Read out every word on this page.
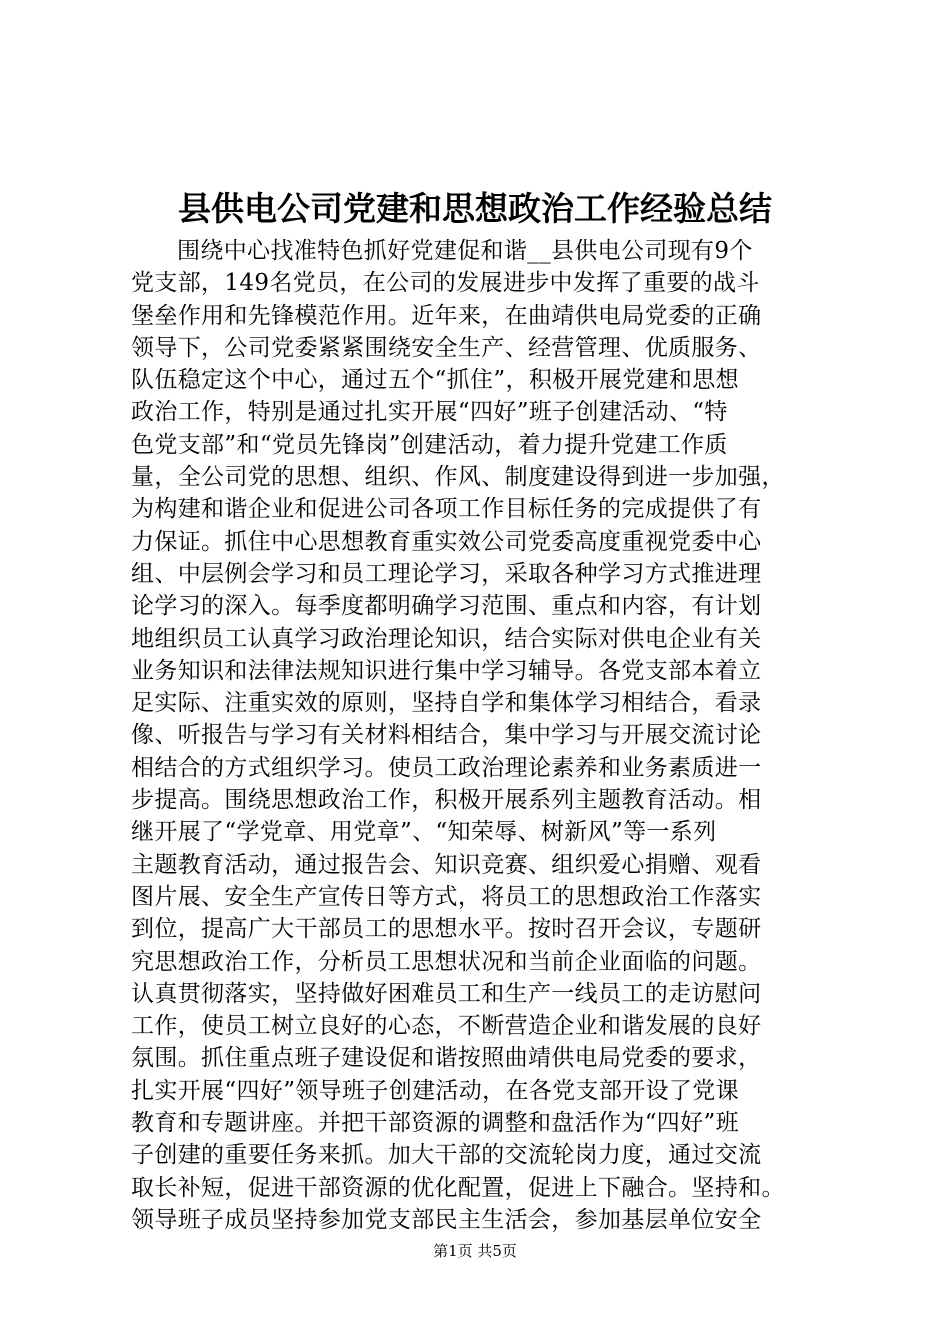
县供电公司党建和思想政治工作经验总结
围绕中心找准特色抓好党建促和谐__县供电公司现有9个
党支部，149名党员，在公司的发展进步中发挥了重要的战斗
堡垒作用和先锋模范作用。近年来，在曲靖供电局党委的正确
领导下，公司党委紧紧围绕安全生产、经营管理、优质服务、
队伍稳定这个中心，通过五个“抓住”，积极开展党建和思想
政治工作，特别是通过扎实开展“四好”班子创建活动、“特
色党支部”和“党员先锋岗”创建活动，着力提升党建工作质
量，全公司党的思想、组织、作风、制度建设得到进一步加强，
为构建和谐企业和促进公司各项工作目标任务的完成提供了有
力保证。抓住中心思想教育重实效公司党委高度重视党委中心
组、中层例会学习和员工理论学习，采取各种学习方式推进理
论学习的深入。每季度都明确学习范围、重点和内容，有计划
地组织员工认真学习政治理论知识，结合实际对供电企业有关
业务知识和法律法规知识进行集中学习辅导。各党支部本着立
足实际、注重实效的原则，坚持自学和集体学习相结合，看录
像、听报告与学习有关材料相结合，集中学习与开展交流讨论
相结合的方式组织学习。使员工政治理论素养和业务素质进一
步提高。围绕思想政治工作，积极开展系列主题教育活动。相
继开展了“学党章、用党章”、“知荣辱、树新风”等一系列
主题教育活动，通过报告会、知识竞赛、组织爱心捐赠、观看
图片展、安全生产宣传日等方式，将员工的思想政治工作落实
到位，提高广大干部员工的思想水平。按时召开会议，专题研
究思想政治工作，分析员工思想状况和当前企业面临的问题。
认真贯彻落实，坚持做好困难员工和生产一线员工的走访慰问
工作，使员工树立良好的心态，不断营造企业和谐发展的良好
氛围。抓住重点班子建设促和谐按照曲靖供电局党委的要求，
扎实开展“四好”领导班子创建活动，在各党支部开设了党课
教育和专题讲座。并把干部资源的调整和盘活作为“四好”班
子创建的重要任务来抓。加大干部的交流轮岗力度，通过交流
取长补短，促进干部资源的优化配置，促进上下融合。坚持和。
领导班子成员坚持参加党支部民主生活会，参加基层单位安全
第1页 共5页
